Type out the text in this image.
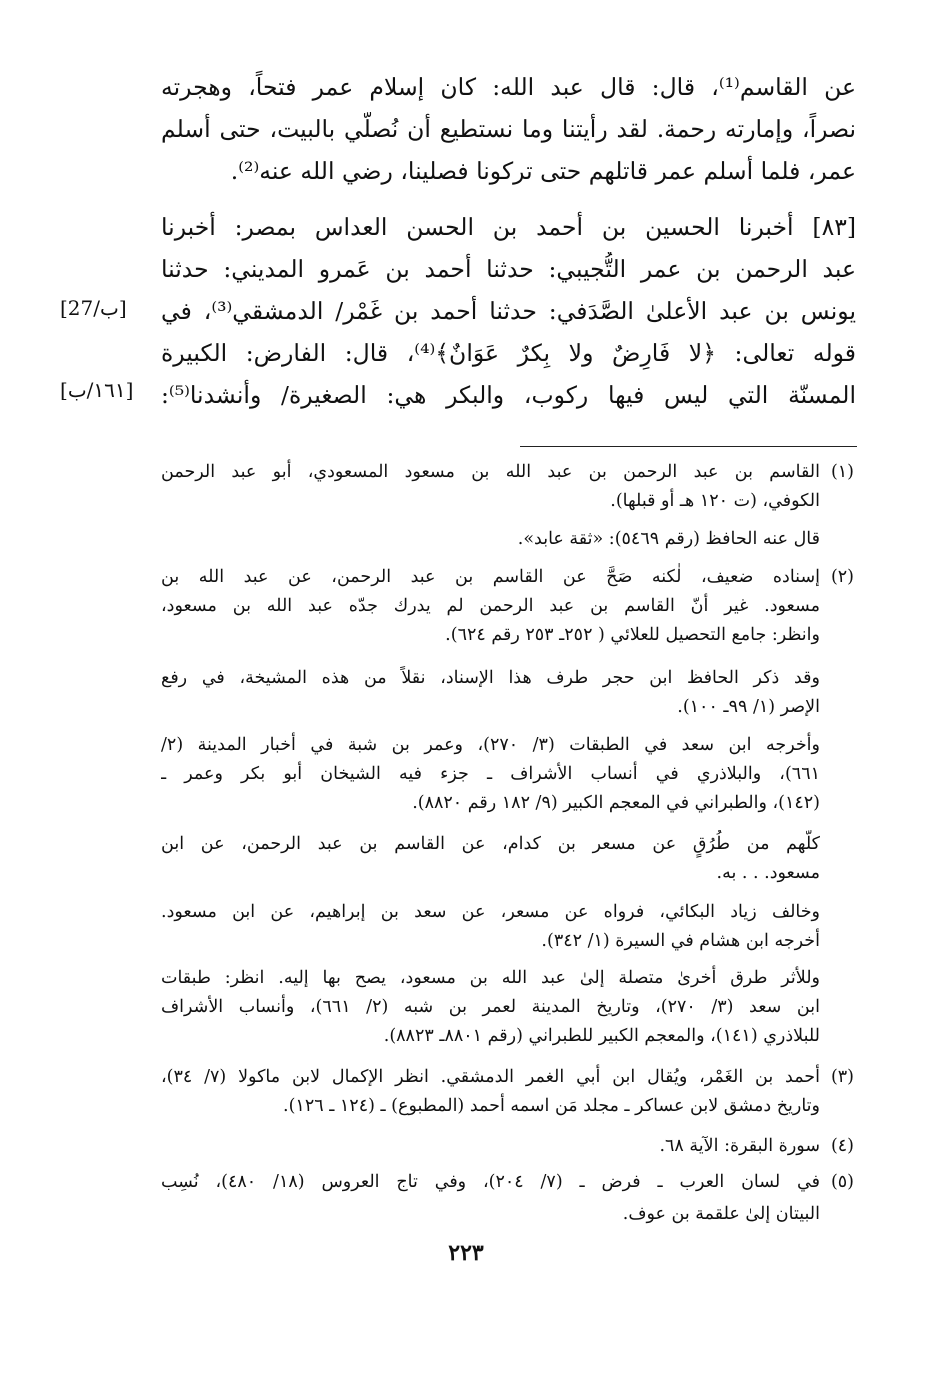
عن القاسم⁽¹⁾، قال: قال عبد الله: كان إسلام عمر فتحاً، وهجرته
نصراً، وإمارته رحمة. لقد رأيتنا وما نستطيع أن نُصلّي بالبيت، حتى أسلم
عمر، فلما أسلم عمر قاتلهم حتى تركونا فصلينا، رضي الله عنه⁽²⁾.
[٨٣] أخبرنا الحسين بن أحمد بن الحسن العداس بمصر: أخبرنا
عبد الرحمن بن عمر التُّجيبي: حدثنا أحمد بن عَمرو المديني: حدثنا
يونس بن عبد الأعلىٰ الصَّدَفي: حدثنا أحمد بن غَمْر/ الدمشقي⁽³⁾، في
قوله تعالى: ﴿لا فَارِضٌ ولا بِكرٌ عَوَانٌ﴾⁽⁴⁾، قال: الفارض: الكبيرة
المسنّة التي ليس فيها ركوب، والبكر هي: الصغيرة/ وأنشدنا⁽⁵⁾:
[27/ب]
[١٦١/ب]
(١)
القاسم بن عبد الرحمن بن عبد الله بن مسعود المسعودي، أبو عبد الرحمن
الكوفي، (ت ١٢٠ هـ أو قبلها).
قال عنه الحافظ (رقم ٥٤٦٩): «ثقة عابد».
(٢)
إسناده ضعيف، لٰكنه صَحَّ عن القاسم بن عبد الرحمن، عن عبد الله بن
مسعود. غير أنّ القاسم بن عبد الرحمن لم يدرك جدّه عبد الله بن مسعود،
وانظر: جامع التحصيل للعلائي ( ٢٥٢ـ ٢٥٣ رقم ٦٢٤).
وقد ذكر الحافظ ابن حجر طرف هذا الإسناد، نقلاً من هذه المشيخة، في رفع
الإصر (١/ ٩٩ـ ١٠٠).
وأخرجه ابن سعد في الطبقات (٣/ ٢٧٠)، وعمر بن شبة في أخبار المدينة (٢/
٦٦١)، والبلاذري في أنساب الأشراف ـ جزء فيه الشيخان أبو بكر وعمر ـ
(١٤٢)، والطبراني في المعجم الكبير (٩/ ١٨٢ رقم ٨٨٢٠).
كلّهم من طُرُقٍ عن مسعر بن كدام، عن القاسم بن عبد الرحمن، عن ابن
مسعود. . . به.
وخالف زياد البكائي، فرواه عن مسعر، عن سعد بن إبراهيم، عن ابن مسعود.
أخرجه ابن هشام في السيرة (١/ ٣٤٢).
وللأثر طرق أخرىٰ متصلة إلىٰ عبد الله بن مسعود، يصح بها إليه. انظر: طبقات
ابن سعد (٣/ ٢٧٠)، وتاريخ المدينة لعمر بن شبه (٢/ ٦٦١)، وأنساب الأشراف
للبلاذري (١٤١)، والمعجم الكبير للطبراني (رقم ٨٨٠١ـ ٨٨٢٣).
(٣)
أحمد بن الغَمْر، ويُقال ابن أبي الغمر الدمشقي. انظر الإكمال لابن ماكولا (٧/ ٣٤)،
وتاريخ دمشق لابن عساكر ـ مجلد مَن اسمه أحمد (المطبوع) ـ (١٢٤ ـ ١٢٦).
(٤)
سورة البقرة: الآية ٦٨.
(٥)
في لسان العرب ـ فرض ـ (٧/ ٢٠٤)، وفي تاج العروس (١٨/ ٤٨٠)، نُسِب
البيتان إلىٰ علقمة بن عوف.
٢٢٣
